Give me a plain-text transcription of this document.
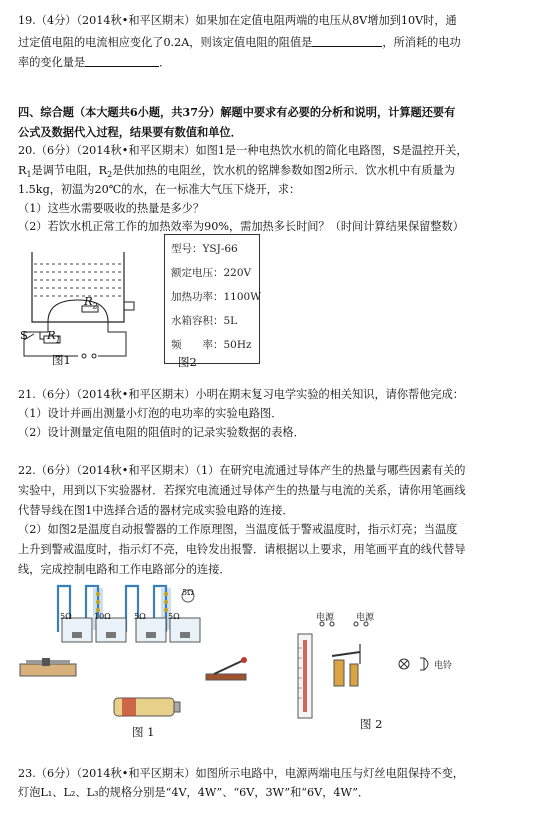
19.（4分）（2014秋•和平区期末）如果加在定值电阻两端的电压从8V增加到10V时，通
过定值电阻的电流相应变化了0.2A，则该定值电阻的阻值是	，所消耗的电功
率的变化量是	．
四、综合题（本大题共6小题，共37分）解题中要求有必要的分析和说明，计算题还要有
公式及数据代入过程，结果要有数值和单位．
20.（6分）（2014秋•和平区期末）如图1是一种电热饮水机的简化电路图，S是温控开关，
$R_1$是调节电阻，$R_2$是供加热的电阻丝，饮水机的铭牌参数如图2所示．饮水机中有质量为
1.5kg，初温为20℃的水，在一标准大气压下烧开，求：
（1）这些水需要吸收的热量是多少？
（2）若饮水机正常工作的加热效率为90%，需加热多长时间？（时间计算结果保留整数）
S $R_1$
$R_2$
图1
型号：YSJ-66
额定电压：220V
加热功率：1100W
水箱容积：5L
频　　率：50Hz
图2
21.（6分）（2014秋•和平区期末）小明在期末复习电学实验的相关知识，请你帮他完成：
（1）设计并画出测量小灯泡的电功率的实验电路图．
（2）设计测量定值电阻的阻值时的记录实验数据的表格．
22.（6分）（2014秋•和平区期末）（1）在研究电流通过导体产生的热量与哪些因素有关的
实验中，用到以下实验器材．若探究电流通过导体产生的热量与电流的关系，请你用笔画线
代替导线在图1中选择合适的器材完成实验电路的连接．
（2）如图2是温度自动报警器的工作原理图，当温度低于警戒温度时，指示灯亮；当温度
上升到警戒温度时，指示灯不亮，电铃发出报警．请根据以上要求，用笔画平直的线代替导
线，完成控制电路和工作电路部分的连接．
5Ω	10Ω	5Ω	5Ω
5Ω
图 1
电源 电源
电铃
图 2
23.（6分）（2014秋•和平区期末）如图所示电路中，电源两端电压与灯丝电阻保持不变，
灯泡L₁、L₂、L₃的规格分别是“4V，4W”、“6V，3W”和“6V，4W”．
